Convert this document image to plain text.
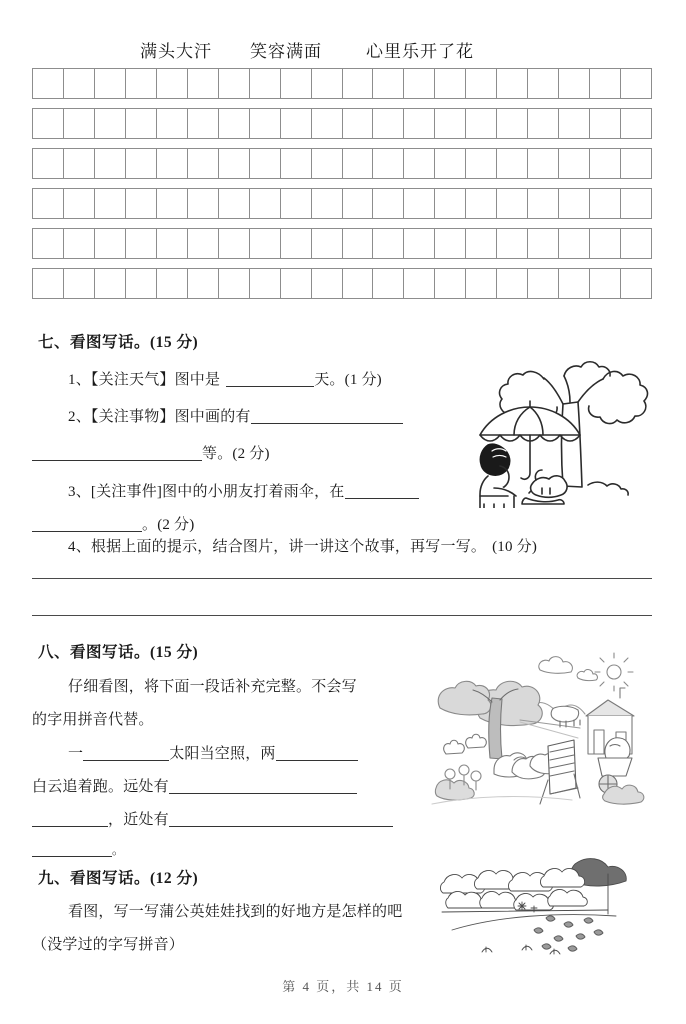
满头大汗 笑容满面	心里乐开了花
七、看图写话。(15 分)
1、【关注天气】图中是	天。(1 分)
2、【关注事物】图中画的有
等。(2 分)
3、[关注事件]图中的小朋友打着雨伞，在
。(2 分)
4、根据上面的提示，结合图片，讲一讲这个故事，再写一写。 (10 分)
八、看图写话。(15 分)
仔细看图，将下面一段话补充完整。不会写
的字用拼音代替。
一	太阳当空照，两
白云追着跑。远处有
，近处有
。
九、看图写话。(12 分)
看图，写一写蒲公英娃娃找到的好地方是怎样的吧
（没学过的字写拼音）
第 4 页，共 14 页
